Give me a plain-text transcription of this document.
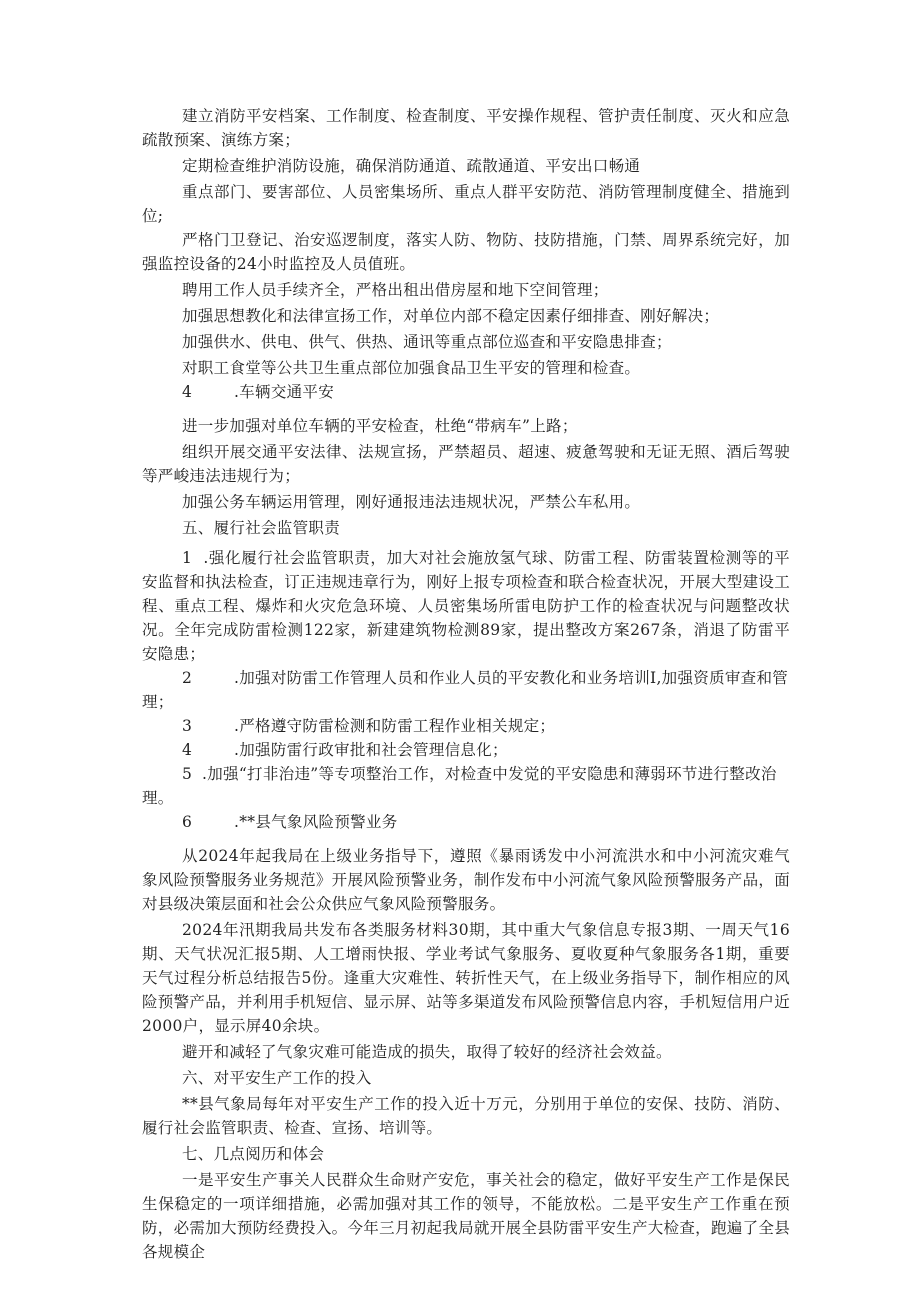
建立消防平安档案、工作制度、检查制度、平安操作规程、管护责任制度、灭火和应急疏散预案、演练方案；

定期检查维护消防设施，确保消防通道、疏散通道、平安出口畅通

重点部门、要害部位、人员密集场所、重点人群平安防范、消防管理制度健全、措施到位;

严格门卫登记、治安巡逻制度，落实人防、物防、技防措施，门禁、周界系统完好，加强监控设备的24小时监控及人员值班。

聘用工作人员手续齐全，严格出租出借房屋和地下空间管理；

加强思想教化和法律宣扬工作，对单位内部不稳定因素仔细排查、刚好解决；

加强供水、供电、供气、供热、通讯等重点部位巡查和平安隐患排查；

对职工食堂等公共卫生重点部位加强食品卫生平安的管理和检查。

4	.车辆交通平安

进一步加强对单位车辆的平安检查，杜绝“带病车”上路；

组织开展交通平安法律、法规宣扬，严禁超员、超速、疲惫驾驶和无证无照、酒后驾驶等严峻违法违规行为；

加强公务车辆运用管理，刚好通报违法违规状况，严禁公车私用。

五、履行社会监管职责

1 .强化履行社会监管职责，加大对社会施放氢气球、防雷工程、防雷装置检测等的平安监督和执法检查，订正违规违章行为，刚好上报专项检查和联合检查状况，开展大型建设工程、重点工程、爆炸和火灾危急环境、人员密集场所雷电防护工作的检查状况与问题整改状况。全年完成防雷检测122家，新建建筑物检测89家，提出整改方案267条，消退了防雷平安隐患；

2	.加强对防雷工作管理人员和作业人员的平安教化和业务培训I,加强资质审查和管

理；

3	.严格遵守防雷检测和防雷工程作业相关规定；

4	.加强防雷行政审批和社会管理信息化；

5 .加强“打非治违”等专项整治工作，对检查中发觉的平安隐患和薄弱环节进行整改治

理。

6	.**县气象风险预警业务

从2024年起我局在上级业务指导下，遵照《暴雨诱发中小河流洪水和中小河流灾难气象风险预警服务业务规范》开展风险预警业务，制作发布中小河流气象风险预警服务产品，面对县级决策层面和社会公众供应气象风险预警服务。

2024年汛期我局共发布各类服务材料30期，其中重大气象信息专报3期、一周天气16期、天气状况汇报5期、人工增雨快报、学业考试气象服务、夏收夏种气象服务各1期，重要天气过程分析总结报告5份。逢重大灾难性、转折性天气，在上级业务指导下，制作相应的风险预警产品，并利用手机短信、显示屏、站等多渠道发布风险预警信息内容，手机短信用户近2000户，显示屏40余块。

避开和减轻了气象灾难可能造成的损失，取得了较好的经济社会效益。

六、对平安生产工作的投入

**县气象局每年对平安生产工作的投入近十万元，分别用于单位的安保、技防、消防、履行社会监管职责、检查、宣扬、培训等。

七、几点阅历和体会

一是平安生产事关人民群众生命财产安危，事关社会的稳定，做好平安生产工作是保民生保稳定的一项详细措施，必需加强对其工作的领导，不能放松。二是平安生产工作重在预防，必需加大预防经费投入。今年三月初起我局就开展全县防雷平安生产大检查，跑遍了全县各规模企
